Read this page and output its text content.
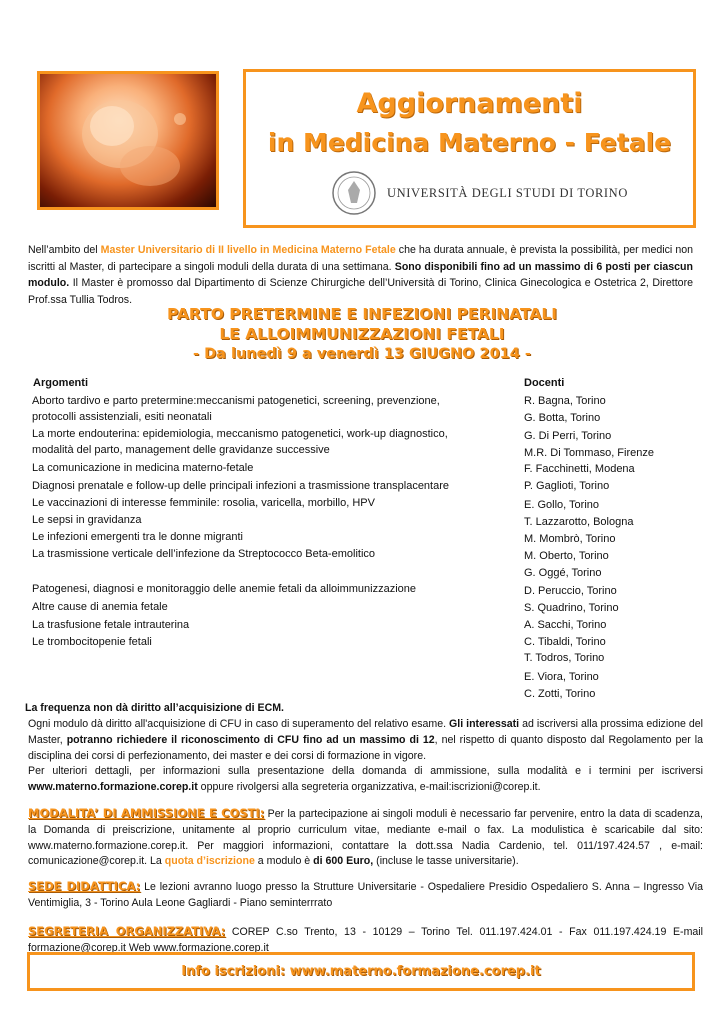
Aggiornamenti
in Medicina Materno - Fetale
UNIVERSITÀ DEGLI STUDI DI TORINO
Nell’ambito del Master Universitario di II livello in Medicina Materno Fetale che ha durata annuale, è prevista la possibilità, per medici non iscritti al Master, di partecipare a singoli moduli della durata di una settimana. Sono disponibili fino ad un massimo di 6 posti per ciascun modulo. Il Master è promosso dal Dipartimento di Scienze Chirurgiche dell’Università di Torino, Clinica Ginecologica e Ostetrica 2, Direttore Prof.ssa Tullia Todros.
PARTO PRETERMINE E INFEZIONI PERINATALI
LE ALLOIMMUNIZZAZIONI FETALI
- Da lunedì 9 a venerdì 13 GIUGNO 2014 -
Argomenti
Aborto tardivo e parto pretermine:meccanismi patogenetici, screening, prevenzione,
protocolli assistenziali, esiti neonatali
La morte endouterina: epidemiologia, meccanismo patogenetici, work-up diagnostico,
modalità del parto, management delle gravidanze successive
La comunicazione in medicina materno-fetale
Diagnosi prenatale e follow-up delle principali infezioni a trasmissione transplacentare
Le vaccinazioni di interesse femminile: rosolia, varicella, morbillo, HPV
Le sepsi in gravidanza
Le infezioni emergenti tra le donne migranti
La trasmissione verticale dell’infezione da Streptococco Beta-emolitico
Patogenesi, diagnosi e monitoraggio delle anemie fetali da alloimmunizzazione
Altre cause di anemia fetale
La trasfusione fetale intrauterina
Le trombocitopenie fetali
Docenti
R. Bagna, Torino
G. Botta, Torino
G. Di Perri, Torino
M.R. Di Tommaso, Firenze
F. Facchinetti, Modena
P. Gaglioti, Torino
E. Gollo, Torino
T. Lazzarotto, Bologna
M. Mombrò, Torino
M. Oberto, Torino
G. Oggé, Torino
D. Peruccio, Torino
S. Quadrino, Torino
A. Sacchi, Torino
C. Tibaldi, Torino
T. Todros, Torino
E. Viora, Torino
C. Zotti, Torino
La frequenza non dà diritto all’acquisizione di ECM.
Ogni modulo dà diritto all'acquisizione di CFU in caso di superamento del relativo esame. Gli interessati ad iscriversi alla prossima edizione del Master, potranno richiedere il riconoscimento di CFU fino ad un massimo di 12, nel rispetto di quanto disposto dal Regolamento per la disciplina dei corsi di perfezionamento, dei master e dei corsi di formazione in vigore.
Per ulteriori dettagli, per informazioni sulla presentazione della domanda di ammissione, sulla modalità e i termini per iscriversi www.materno.formazione.corep.it oppure rivolgersi alla segreteria organizzativa, e-mail:iscrizioni@corep.it.
MODALITA’ DI AMMISSIONE E COSTI: Per la partecipazione ai singoli moduli è necessario far pervenire, entro la data di scadenza, la Domanda di preiscrizione, unitamente al proprio curriculum vitae, mediante e-mail o fax. La modulistica è scaricabile dal sito: www.materno.formazione.corep.it. Per maggiori informazioni, contattare la dott.ssa Nadia Cardenio, tel. 011/197.424.57 , e-mail: comunicazione@corep.it. La quota d’iscrizione a modulo è di 600 Euro, (incluse le tasse universitarie).
SEDE DIDATTICA: Le lezioni avranno luogo presso la Strutture Universitarie - Ospedaliere Presidio Ospedaliero S. Anna – Ingresso Via Ventimiglia, 3 - Torino Aula Leone Gagliardi - Piano seminterrrato
SEGRETERIA ORGANIZZATIVA: COREP C.so Trento, 13 - 10129 – Torino Tel. 011.197.424.01 - Fax 011.197.424.19 E-mail formazione@corep.it Web www.formazione.corep.it
Info iscrizioni: www.materno.formazione.corep.it
